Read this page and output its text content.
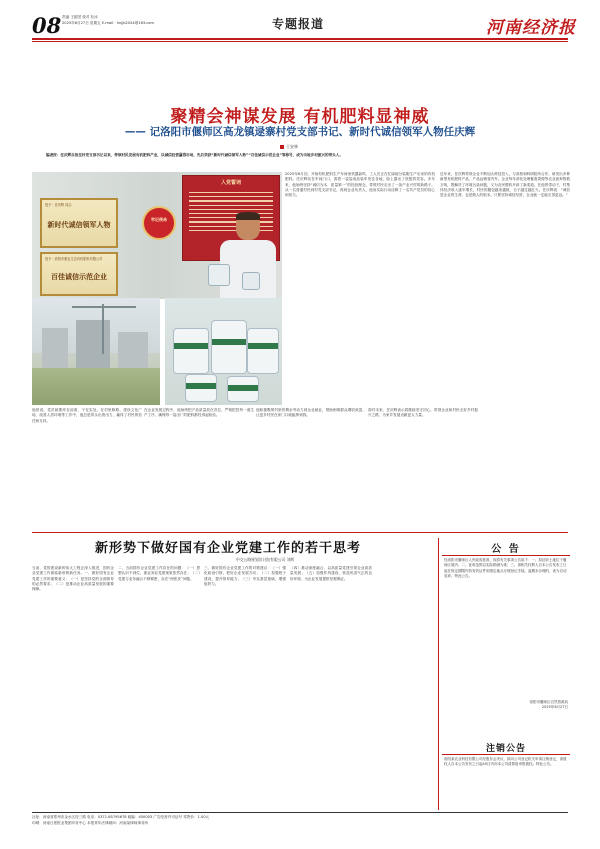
08 责编 王振国 校对 杜冰
2025年6月27日 星期五 E-mail：hnjjb2024@163.com	专题报道	河南经济报
聚精会神谋发展 有机肥料显神威
—— 记洛阳市偃师区高龙镇逯寨村党支部书记、新时代诚信领军人物任庆辉
王安林
编者按：任庆辉自担任村党支部书记以来，带领村民发展有机肥料产业，以诚信经营赢得市场，先后荣获“新时代诚信领军人物”“百佳诚信示范企业”等称号，成为当地乡村振兴的带头人。
授予：任庆辉 同志
新时代诚信领军人物
授予：洛阳市康农生态有机肥料有限公司
百佳诚信示范企业
牢记使命
入党誓词
2025年6月初，开始有机肥料生产车间里机器轰鸣，工人们正在忙碌地分装刚生产出来的有机肥料。任庆辉站在车间门口，看着一袋袋成品装车发往各地，脸上露出了欣慰的笑容。多年来，他始终坚持“诚信为本、质量第一”的经营理念，带领村民走出了一条产业兴村的新路子。从一名普通村民到村党支部书记，再到企业负责人，他用实际行动诠释了一名共产党员的初心和担当。
近年来，任庆辉带领企业不断加大科技投入，与高校和科研院所合作，研发出多种新型有机肥料产品，产品远销省内外。企业每年消化处理畜禽粪便等农业废弃物数万吨，既解决了环境污染问题，又为农民增收开辟了新渠道。在他的带动下，村集体经济收入逐年增长，村民的腰包越来越鼓，日子越过越红火。任庆辉说：“诚信是企业的生命，也是做人的根本。只要坚持诚信经营，企业就一定能走得更远。”
他常说，党员就要冲在前面，干在实处。在村里修路、建设文化广场、改善人居环境等工作中，他总是带头出资出力，赢得了村民的信任和支持。
在企业发展过程中，他始终把产品质量放在首位，严格把控每一道生产工序，确保每一袋出厂的肥料都经得起检验。
他积极吸纳村里的剩余劳动力到企业就业，帮助困难群众增收致富，让更多村民在家门口就能挣到钱。
面对未来，任庆辉表示将继续坚守初心，带领企业和村民走好乡村振兴之路，为家乡发展贡献更大力量。
新形势下做好国有企业党建工作的若干思考
中交公路规划设计院有限公司 刘辉
当前，党的建设新的伟大工程正深入推进，国有企业党建工作面临新形势新任务。一、做好国有企业党建工作的重要意义：（一）是坚持党的全面领导的必然要求；（二）是推动企业高质量发展的重要保障。
二、当前国有企业党建工作存在的问题：（一）思想认识不到位，重业务轻党建现象依然存在；（二）党建与业务融合不够紧密，存在“两张皮”问题。
三、做好国有企业党建工作的对策建议：（一）强化政治引领，把好企业发展方向；（二）加强班子建设，提升领导能力；（三）夯实基层基础，增强组织力。
（四）推动深度融合，以高质量党建引领企业高质量发展；（五）加强作风建设，营造风清气正的良好环境，为企业发展提供坚强保证。
公 告
经洛阳市偃师区人民政府批准，现将有关事项公告如下：一、拟征收土地位于偃师区境内；二、征收范围以实际勘测为准；三、请相关权利人自本公告发布之日起在规定期限内持有效证件到指定地点办理登记手续。逾期未办理的，视为自动放弃。特此公告。
洛阳市偃师区自然资源局
2025年6月27日
注销公告
洛阳某农业科技有限公司经股东会决议，拟向公司登记机关申请注销登记，请债权人自本公告发布之日起45日内向本公司清算组申报债权。特此公告。
社址：河南省郑州市金水区经三路 电话：0371-65795678 邮编：450003 广告经营许可证号 零售价：1.00元
印刷：河南日报报业集团印务中心 本报常年法律顾问：河南某律师事务所
